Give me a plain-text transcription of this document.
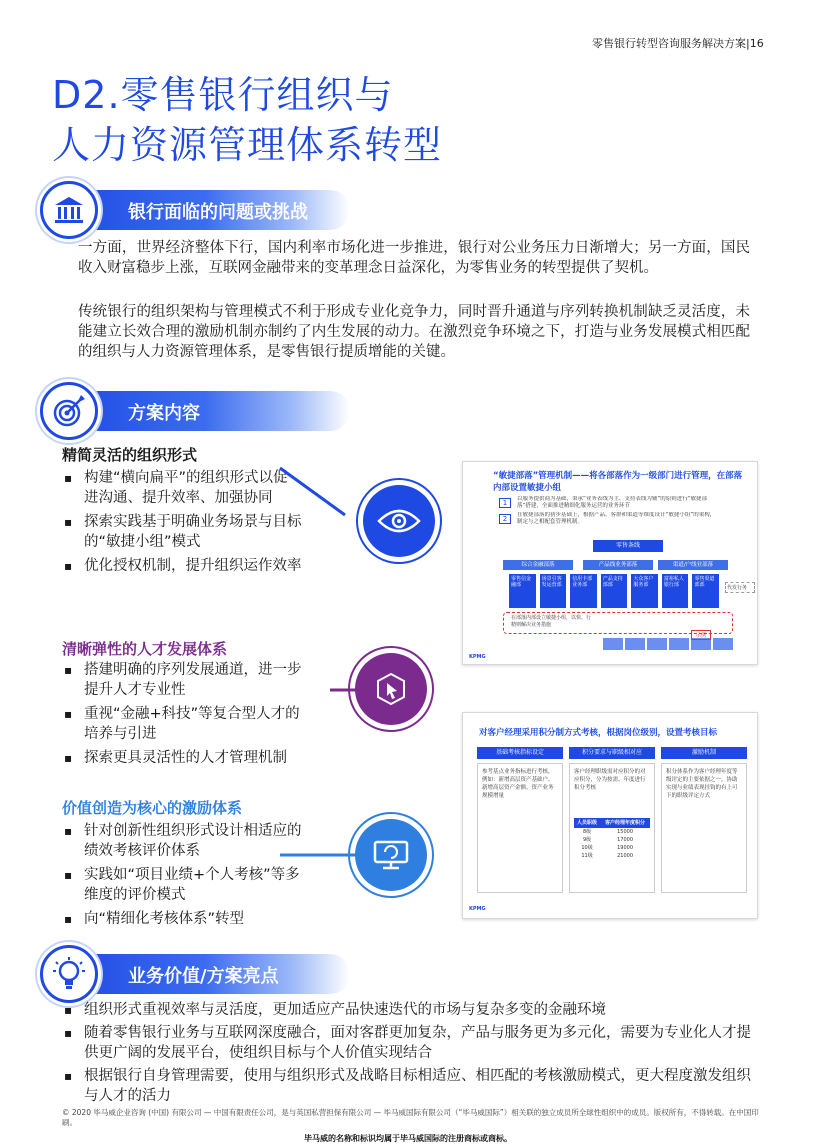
零售银行转型咨询服务解决方案|16
D2.零售银行组织与
人力资源管理体系转型
银行面临的问题或挑战

一方面，世界经济整体下行，国内利率市场化进一步推进，银行对公业务压力日渐增大；另一方面，国民收入财富稳步上涨，互联网金融带来的变革理念日益深化，为零售业务的转型提供了契机。

传统银行的组织架构与管理模式不利于形成专业化竞争力，同时晋升通道与序列转换机制缺乏灵活度，未能建立长效合理的激励机制亦制约了内生发展的动力。在激烈竞争环境之下，打造与业务发展模式相匹配的组织与人力资源管理体系，是零售银行提质增能的关键。

方案内容
精简灵活的组织形式
▪ 构建“横向扁平”的组织形式以促进沟通、提升效率、加强协同
▪ 探索实践基于明确业务场景与目标的“敏捷小组”模式
▪ 优化授权机制，提升组织运作效率
清晰弹性的人才发展体系
▪ 搭建明确的序列发展通道，进一步提升人才专业性
▪ 重视“金融+科技”等复合型人才的培养与引进
▪ 探索更具灵活性的人才管理机制
价值创造为核心的激励体系
▪ 针对创新性组织形式设计相适应的绩效考核评价体系
▪ 实践如“项目业绩+个人考核”等多维度的评价模式
▪ 向“精细化考核体系”转型
“敏捷部落”管理机制——将各部落作为一级部门进行管理，在部落内部设置敏捷小组
1	以服务提供商为基础，秉承“业务表线为主、支持表线为辅”的原则进行“敏捷部落”搭建，全面推进精细化服务运营的业务环节
2	在敏捷部落的初步基础上，根据产品、客群和渠道等维度设计“敏捷小组”的架构，制定与之相配套管理机制。
零售条线
综合金融部落	产品线业务部落	渠道/户线业部落
零售信金融部
场景引客发运营部
信用卡部业务部
产品支持部部
大众客户服务部
富裕私人银行部
零售渠道部部	代发行务
在部落内部设立敏捷小组，以快、行精则解决业务措施
示例
KPMG
对客户经理采用积分制方式考核，根据岗位级别，设置考核目标
基础考核指标设定	积分要求与职级相对应	激励机制
参考基点业务指标进行考核，例如：新增高层资产基础户、新增高层资产金额、资产业务规模增量
客户经理职级需对应积分的对应积分，分为按需、年度进行积分考核
人员职级	客户经理年度积分
8级	15000
9级	17000
10级	19000
11级	21000
积分体系作为客户经理年度等级评定的主要依据之一，协助实现与业绩表现挂钩的有上可下的职级评定方式
KPMG
业务价值/方案亮点
▪ 组织形式重视效率与灵活度，更加适应产品快速迭代的市场与复杂多变的金融环境
▪ 随着零售银行业务与互联网深度融合，面对客群更加复杂，产品与服务更为多元化，需要为专业化人才提供更广阔的发展平台，使组织目标与个人价值实现结合
▪ 根据银行自身管理需要，使用与组织形式及战略目标相适应、相匹配的考核激励模式，更大程度激发组织与人才的活力
© 2020 毕马威企业咨询 (中国) 有限公司 — 中国有限责任公司，是与英国私营担保有限公司 — 毕马威国际有限公司（“毕马威国际”）相关联的独立成员所全球性组织中的成员。版权所有，不得转载。在中国印刷。
毕马威的名称和标识均属于毕马威国际的注册商标或商标。
